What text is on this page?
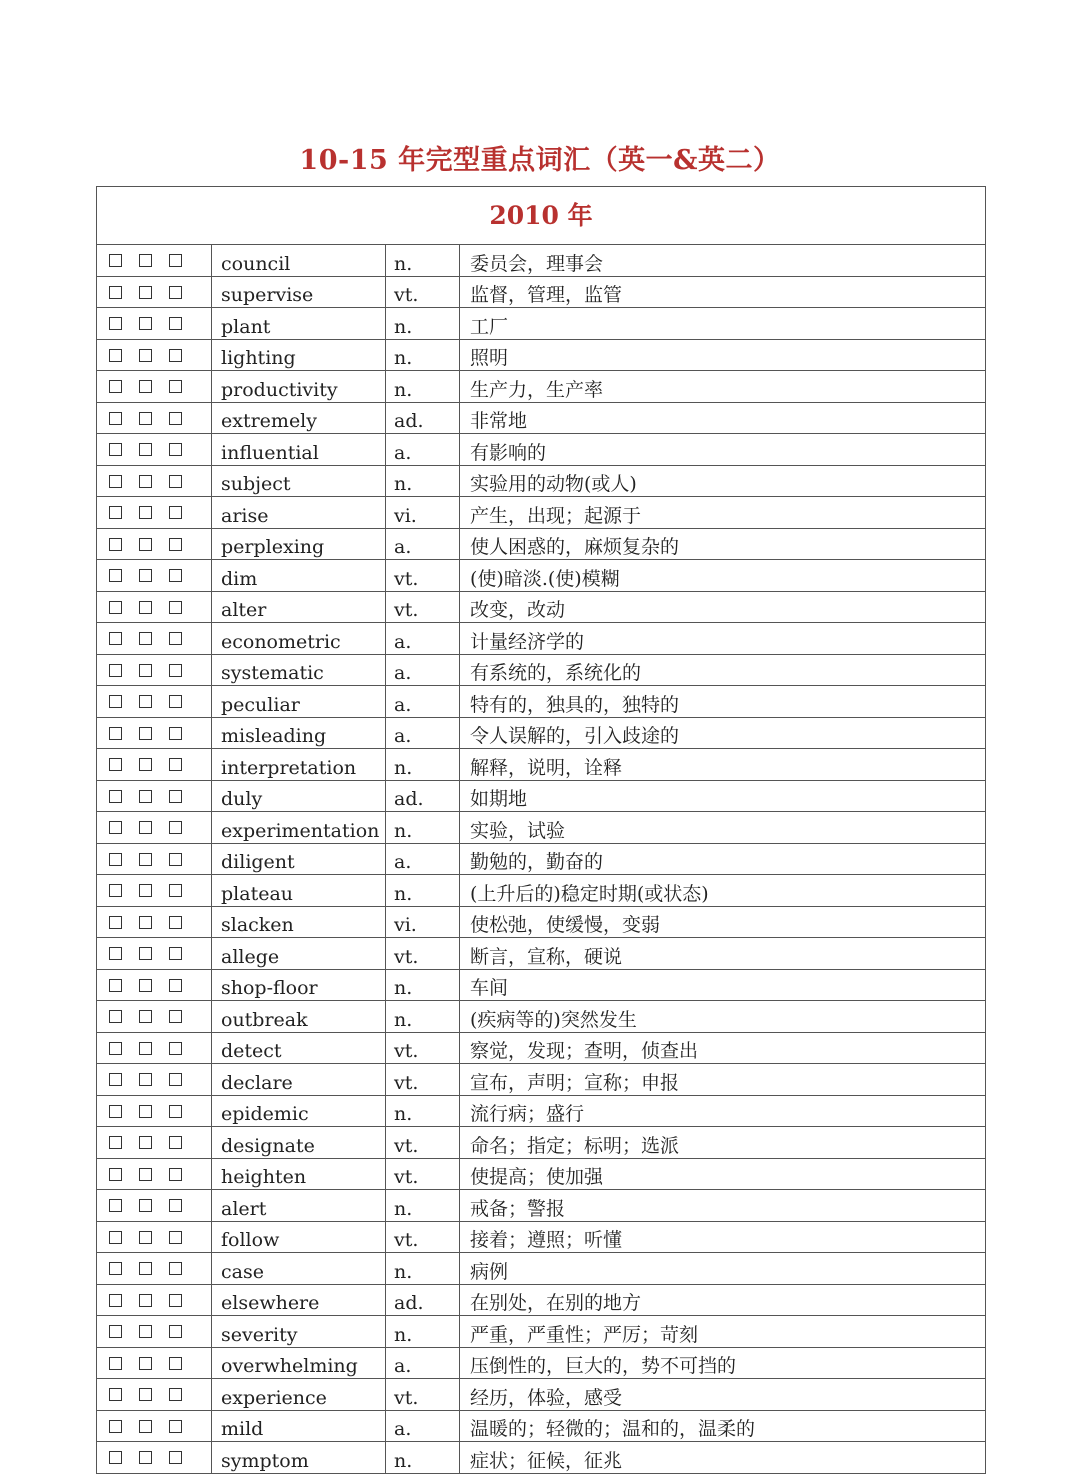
10-15 年完型重点词汇（英一&英二）
2010 年			
	council	n.	委员会，理事会
	supervise	vt.	监督，管理，监管
	plant	n.	工厂
	lighting	n.	照明
	productivity	n.	生产力，生产率
	extremely	ad.	非常地
	influential	a.	有影响的
	subject	n.	实验用的动物(或人)
	arise	vi.	产生，出现；起源于
	perplexing	a.	使人困惑的，麻烦复杂的
	dim	vt.	(使)暗淡.(使)模糊
	alter	vt.	改变，改动
	econometric	a.	计量经济学的
	systematic	a.	有系统的，系统化的
	peculiar	a.	特有的，独具的，独特的
	misleading	a.	令人误解的，引入歧途的
	interpretation	n.	解释，说明，诠释
	duly	ad.	如期地
	experimentation	n.	实验，试验
	diligent	a.	勤勉的，勤奋的
	plateau	n.	(上升后的)稳定时期(或状态)
	slacken	vi.	使松弛，使缓慢，变弱
	allege	vt.	断言，宣称，硬说
	shop-floor	n.	车间
	outbreak	n.	(疾病等的)突然发生
	detect	vt.	察觉，发现；查明，侦查出
	declare	vt.	宣布，声明；宣称；申报
	epidemic	n.	流行病；盛行
	designate	vt.	命名；指定；标明；选派
	heighten	vt.	使提高；使加强
	alert	n.	戒备；警报
	follow	vt.	接着；遵照；听懂
	case	n.	病例
	elsewhere	ad.	在别处，在别的地方
	severity	n.	严重，严重性；严厉；苛刻
	overwhelming	a.	压倒性的，巨大的，势不可挡的
	experience	vt.	经历，体验，感受
	mild	a.	温暖的；轻微的；温和的，温柔的
	symptom	n.	症状；征候，征兆
